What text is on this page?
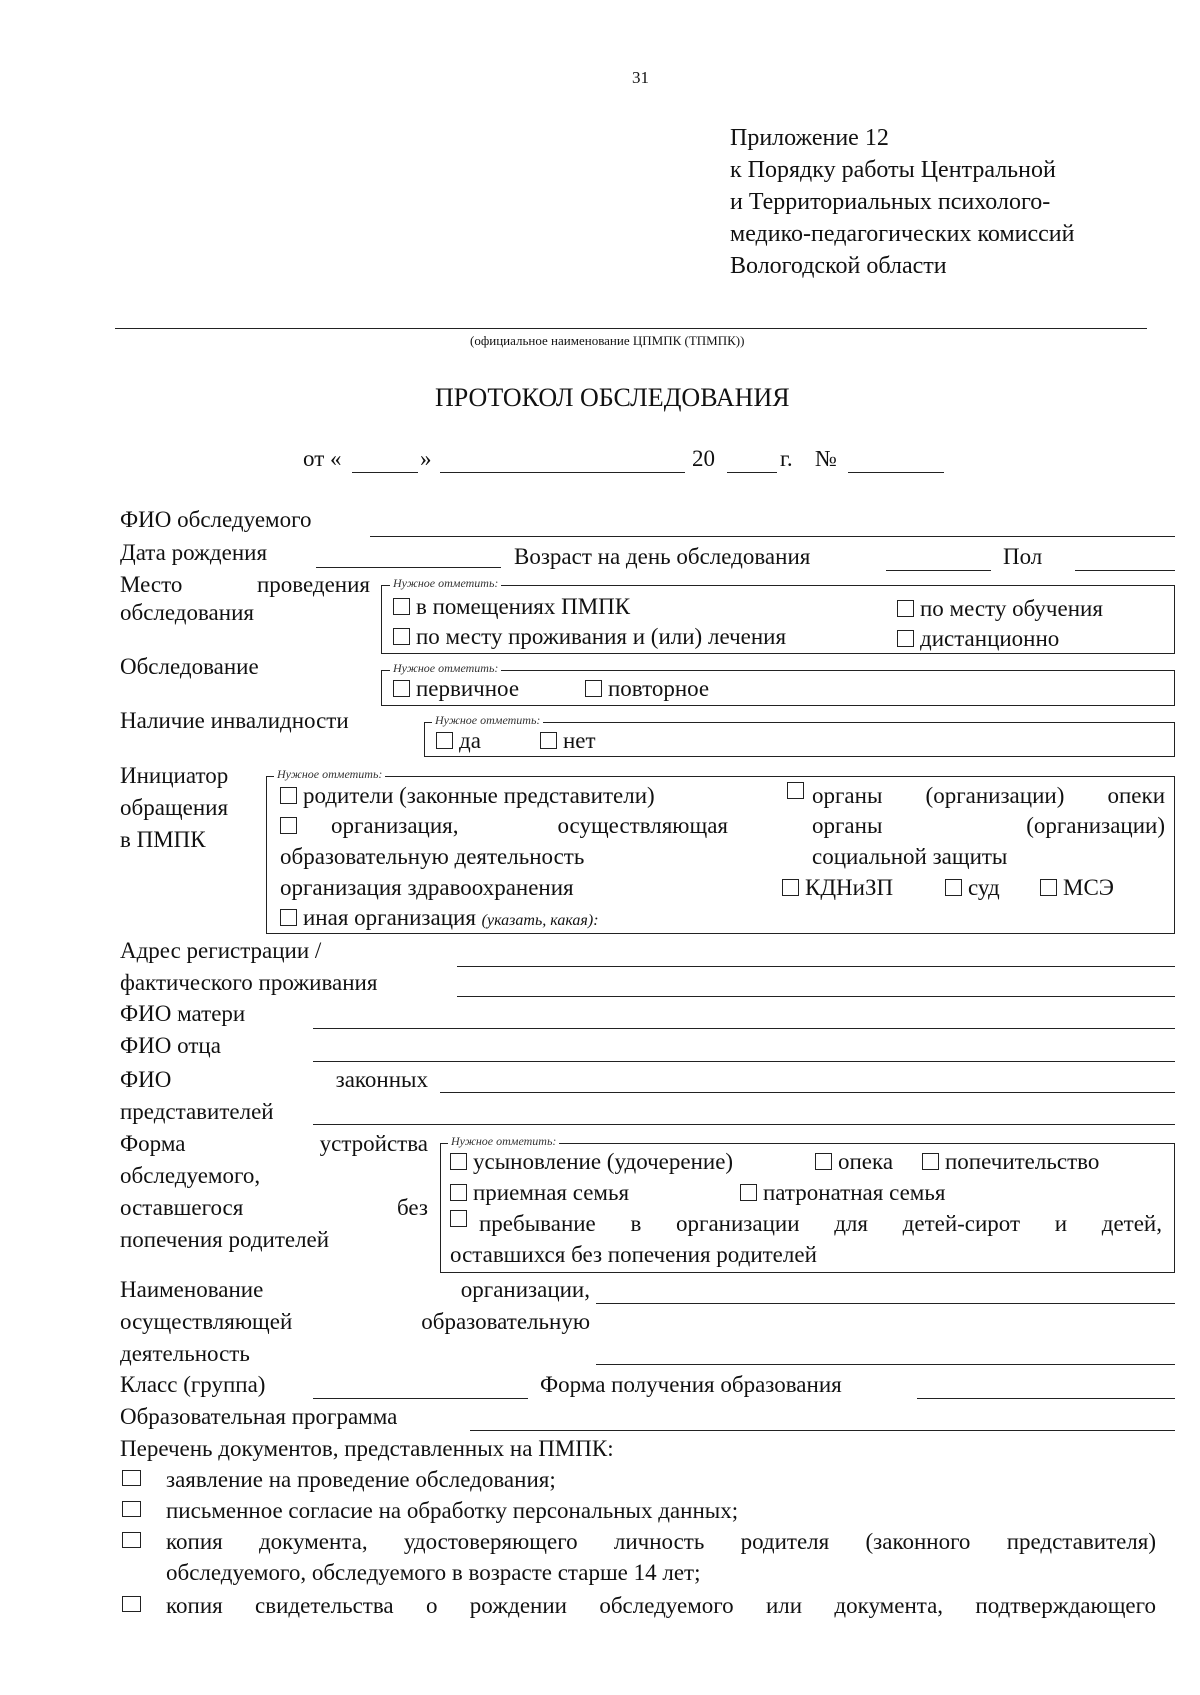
31
Приложение 12
к Порядку работы Центральной
и Территориальных психолого-
медико-педагогических комиссий
Вологодской области
(официальное наименование ЦПМПК (ТПМПК))
ПРОТОКОЛ ОБСЛЕДОВАНИЯ
от «	»	20	г. №
ФИО обследуемого
Дата рождения	Возраст на день обследования	Пол
Место	проведения
обследования
Нужное отметить:
в помещениях ПМПК	по месту обучения
по месту проживания и (или) лечения	дистанционно
Обследование	Нужное отметить:
первичное	повторное
Наличие инвалидности	Нужное отметить:
да	нет
Инициатор
обращения
в ПМПК
Нужное отметить:
родители (законные представители)
организация, осуществляющая
образовательную деятельность
организация здравоохранения
иная организация (указать, какая):
органы (организации) опеки
органы (организации)
социальной защиты
КДНиЗП	суд	МСЭ
Адрес регистрации /
фактического проживания
ФИО матери
ФИО отца
ФИО	законных
представителей
Форма	устройства
обследуемого,
оставшегося	без
попечения родителей
Нужное отметить:
усыновление (удочерение)	опека	попечительство
приемная семья	патронатная семья
пребывание в организации для детей-сирот и детей,
оставшихся без попечения родителей
Наименование	организации,
осуществляющей	образовательную
деятельность
Класс (группа)	Форма получения образования
Образовательная программа
Перечень документов, представленных на ПМПК:
заявление на проведение обследования;
письменное согласие на обработку персональных данных;
копия документа, удостоверяющего личность родителя (законного представителя)
обследуемого, обследуемого в возрасте старше 14 лет;
копия свидетельства о рождении обследуемого или документа, подтверждающего
